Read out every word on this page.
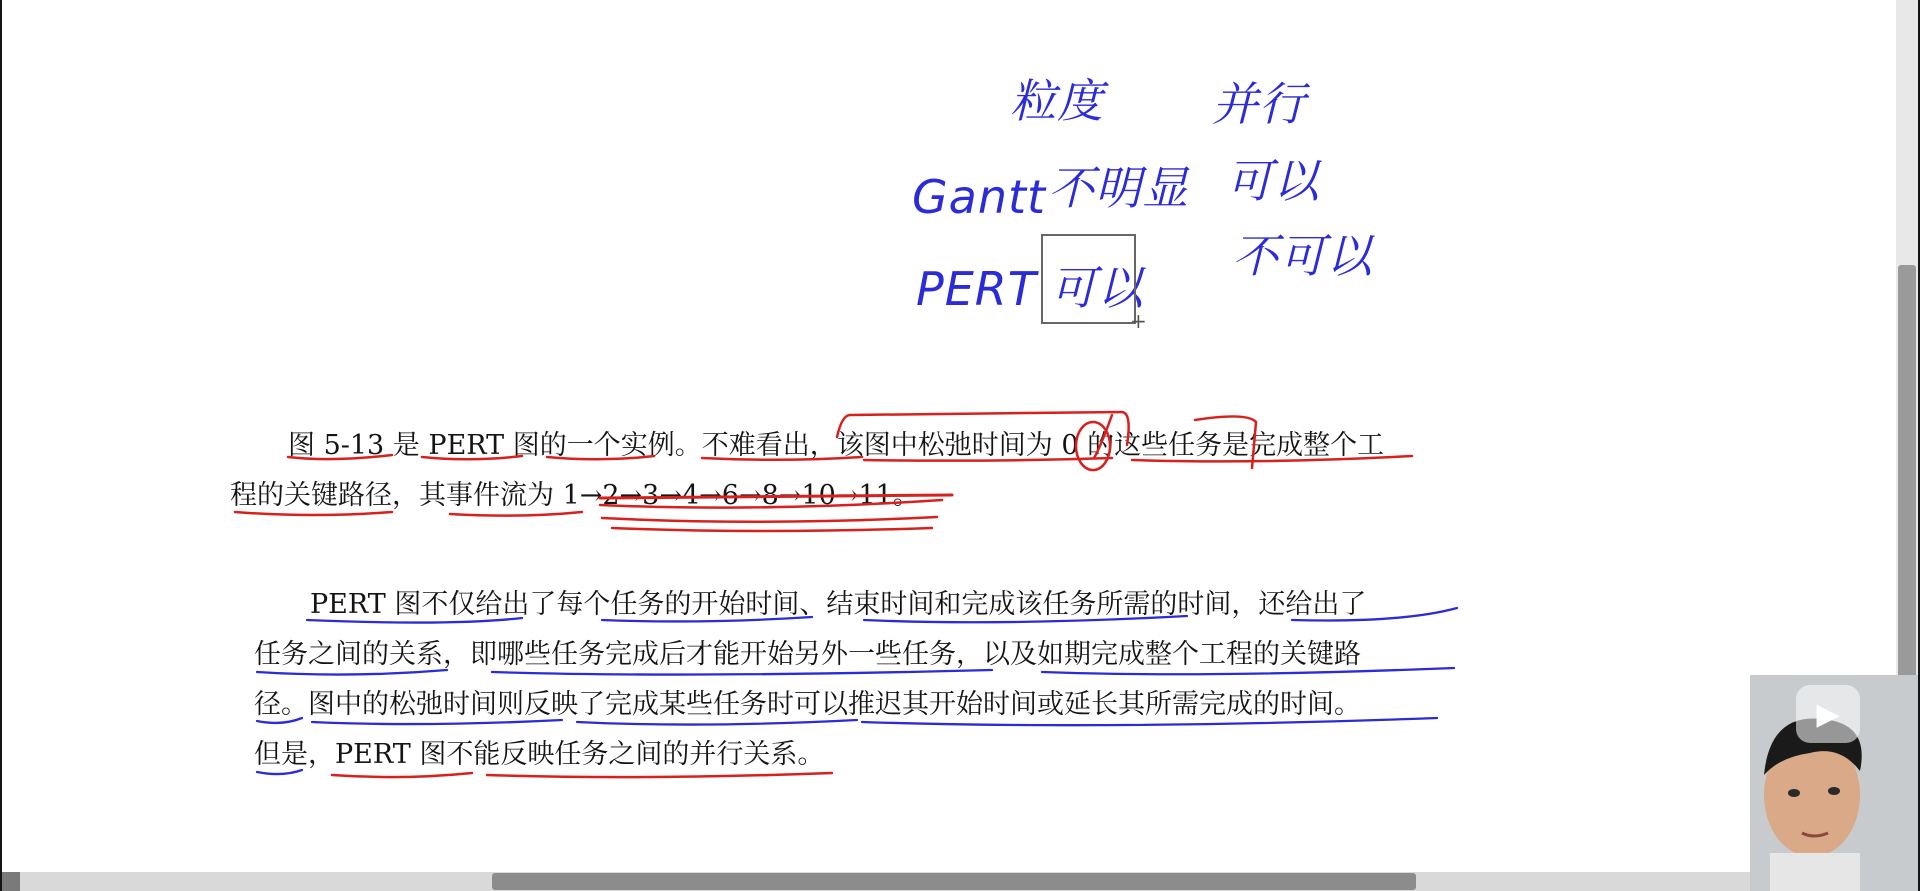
粒度 并行
Gantt 不明显 可以
PERT 可以
不可以
图 5-13 是 PERT 图的一个实例。不难看出，该图中松弛时间为 0 的这些任务是完成整个工
程的关键路径，其事件流为 1→2→3→4→6→8→10→11。
PERT 图不仅给出了每个任务的开始时间、结束时间和完成该任务所需的时间，还给出了
任务之间的关系，即哪些任务完成后才能开始另外一些任务，以及如期完成整个工程的关键路
径。图中的松弛时间则反映了完成某些任务时可以推迟其开始时间或延长其所需完成的时间。
但是，PERT 图不能反映任务之间的并行关系。
+
▶
